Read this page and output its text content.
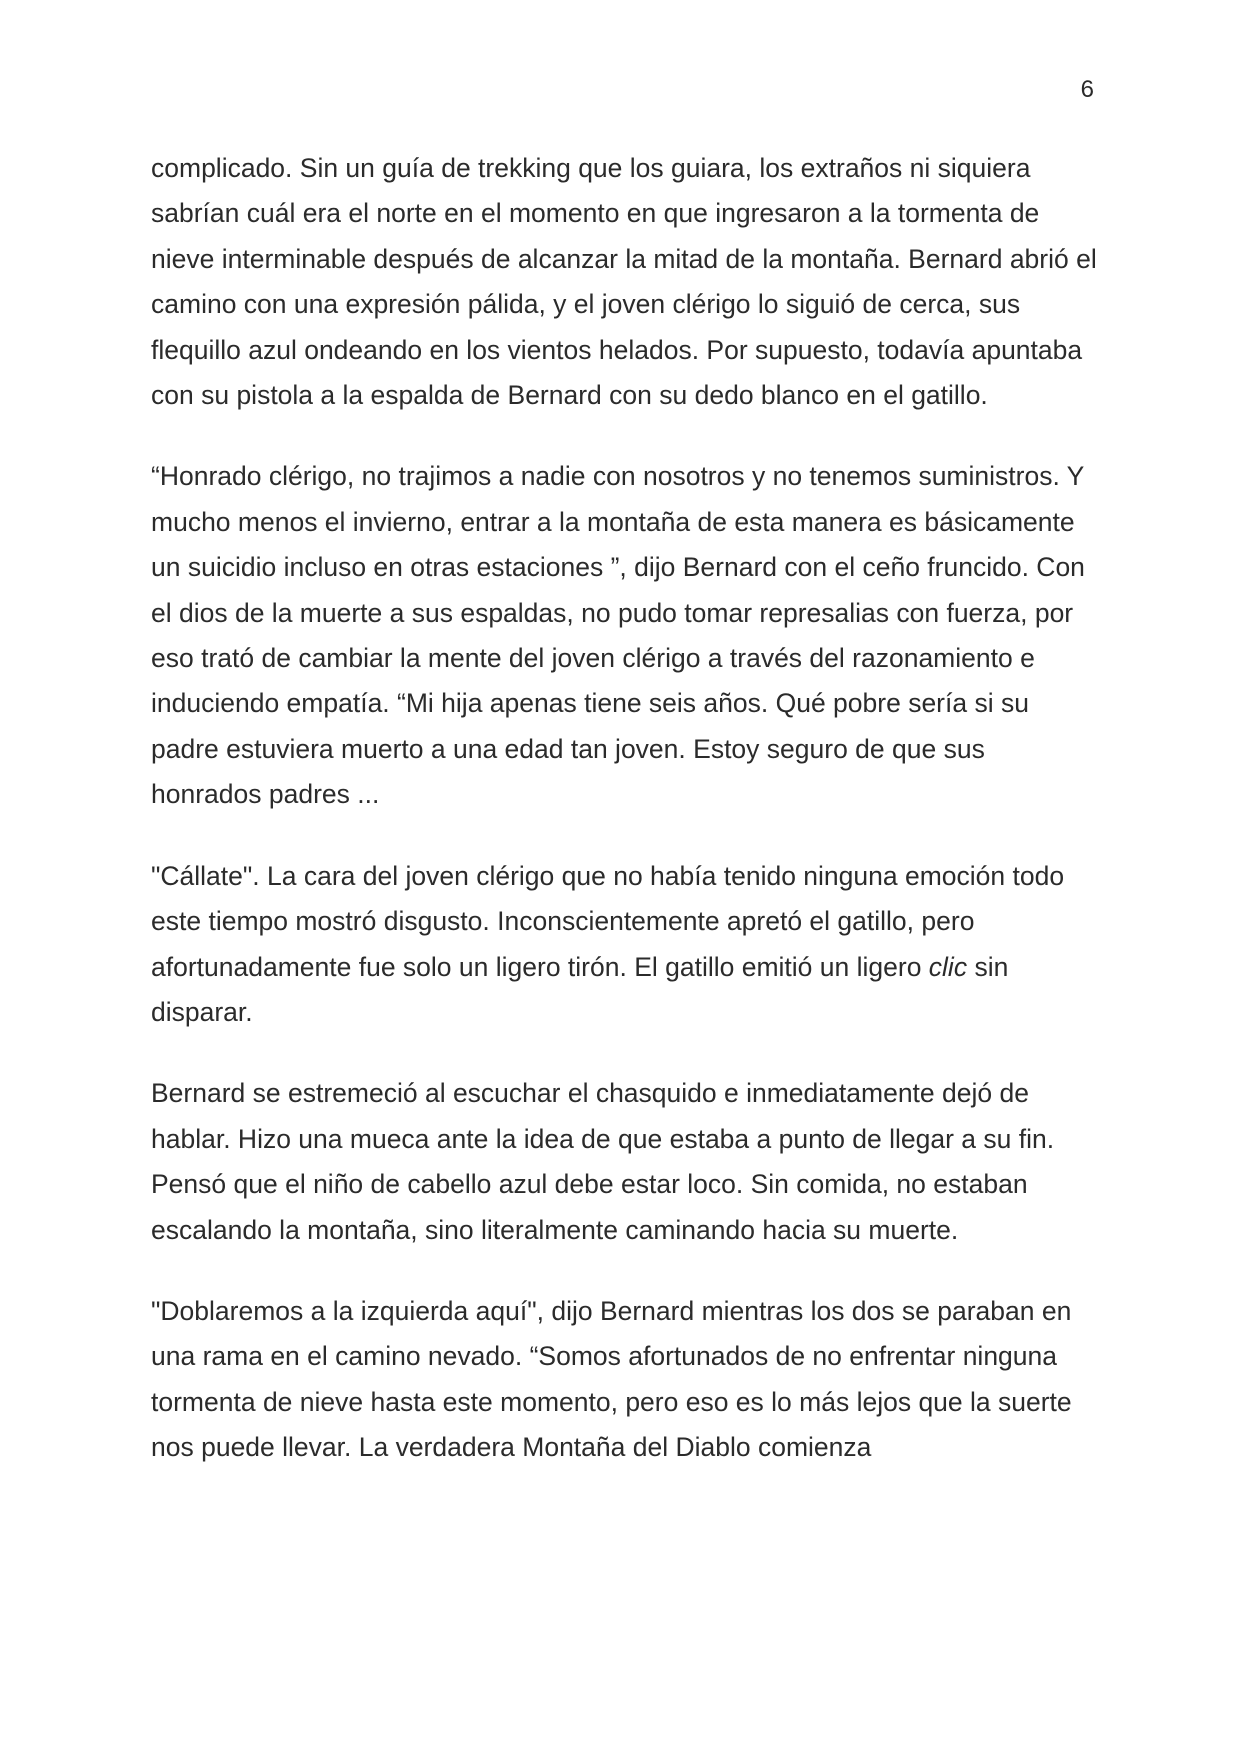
6

complicado. Sin un guía de trekking que los guiara, los extraños ni siquiera sabrían cuál era el norte en el momento en que ingresaron a la tormenta de nieve interminable después de alcanzar la mitad de la montaña. Bernard abrió el camino con una expresión pálida, y el joven clérigo lo siguió de cerca, sus flequillo azul ondeando en los vientos helados. Por supuesto, todavía apuntaba con su pistola a la espalda de Bernard con su dedo blanco en el gatillo.

“Honrado clérigo, no trajimos a nadie con nosotros y no tenemos suministros. Y mucho menos el invierno, entrar a la montaña de esta manera es básicamente un suicidio incluso en otras estaciones ”, dijo Bernard con el ceño fruncido. Con el dios de la muerte a sus espaldas, no pudo tomar represalias con fuerza, por eso trató de cambiar la mente del joven clérigo a través del razonamiento e induciendo empatía. “Mi hija apenas tiene seis años. Qué pobre sería si su padre estuviera muerto a una edad tan joven. Estoy seguro de que sus honrados padres ...

"Cállate". La cara del joven clérigo que no había tenido ninguna emoción todo este tiempo mostró disgusto. Inconscientemente apretó el gatillo, pero afortunadamente fue solo un ligero tirón. El gatillo emitió un ligero clic sin disparar.

Bernard se estremeció al escuchar el chasquido e inmediatamente dejó de hablar. Hizo una mueca ante la idea de que estaba a punto de llegar a su fin. Pensó que el niño de cabello azul debe estar loco. Sin comida, no estaban escalando la montaña, sino literalmente caminando hacia su muerte.

"Doblaremos a la izquierda aquí", dijo Bernard mientras los dos se paraban en una rama en el camino nevado. “Somos afortunados de no enfrentar ninguna tormenta de nieve hasta este momento, pero eso es lo más lejos que la suerte nos puede llevar. La verdadera Montaña del Diablo comienza
